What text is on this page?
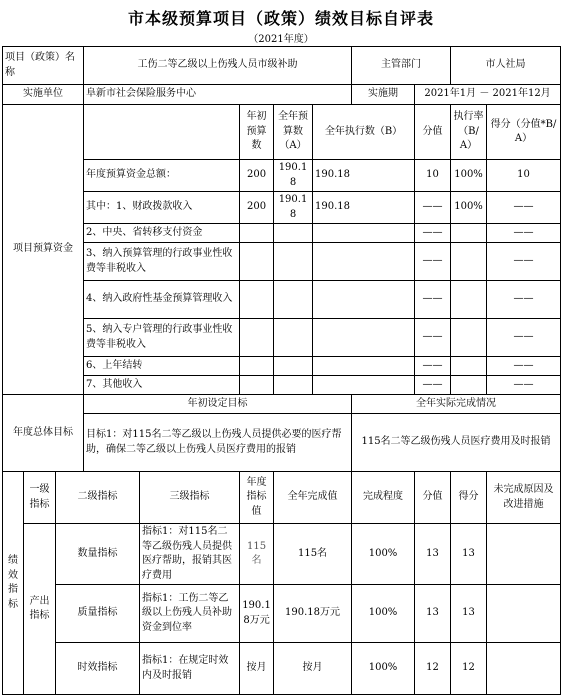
市本级预算项目（政策）绩效目标自评表
（2021年度）
项目（政策）名称			工伤二等乙级以上伤残人员市级补助					主管部门		市人社局	
实施单位			阜新市社会保险服务中心					实施期	2021年1月 － 2021年12月		
项目预算资金					年初预算数	全年预算数（A）	全年执行数（B）		分值	执行率（B/A）	得分（分值*B/A）
			年度预算资金总额：		200	190.18	190.18		10	100%	10
			其中：1、财政拨款收入		200	190.18	190.18		——	100%	——
			2、中央、省转移支付资金						——		——
			3、纳入预算管理的行政事业性收费等非税收入						——		——
			4、纳入政府性基金预算管理收入						——		——
			5、纳入专户管理的行政事业性收费等非税收入						——		——
			6、上年结转						——		——
			7、其他收入						——		——
年度总体目标			年初设定目标					全年实际完成情况			
			目标1：对115名二等乙级以上伤残人员提供必要的医疗帮助，确保二等乙级以上伤残人员医疗费用的报销					115名二等乙级伤残人员医疗费用及时报销			
绩效指标	一级指标	二级指标		三级指标	年度指标值	全年完成值		完成程度	分值	得分	未完成原因及改进措施
	产出指标	数量指标		指标1：对115名二等乙级伤残人员提供医疗帮助，报销其医疗费用	115名	115名		100%	13	13	
		质量指标		指标1：工伤二等乙级以上伤残人员补助资金到位率	190.18万元	190.18万元		100%	13	13	
		时效指标		指标1：在规定时效内及时报销	按月	按月		100%	12	12	
